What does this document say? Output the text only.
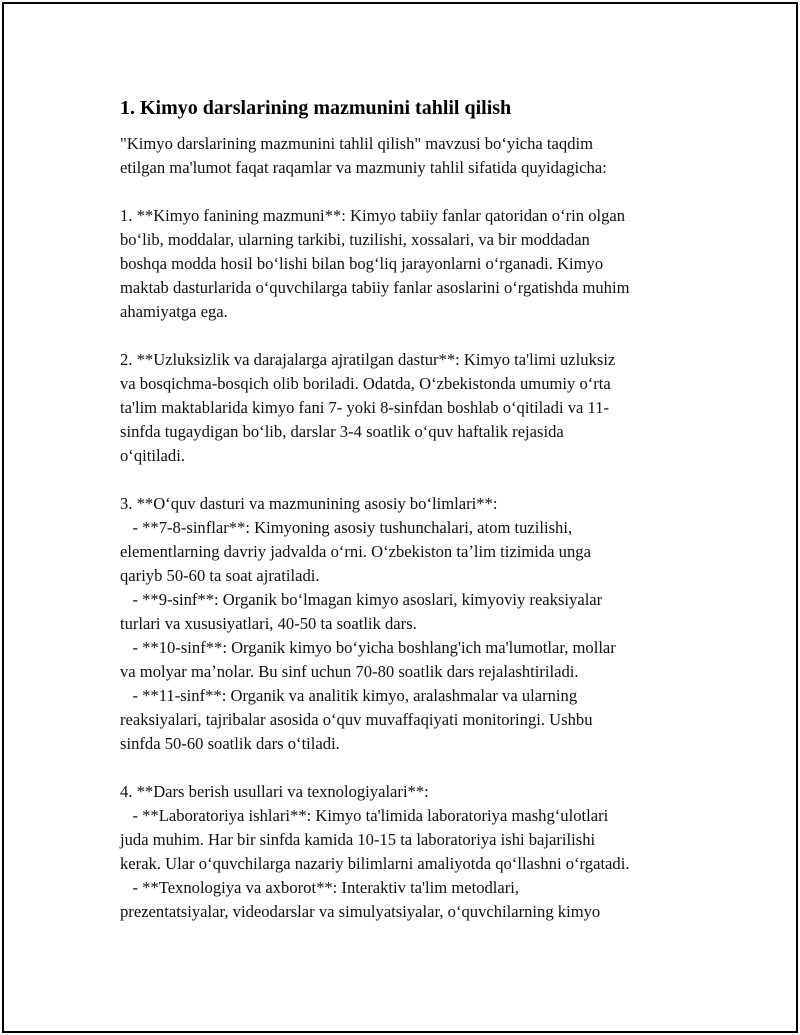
1. Kimyo darslarining mazmunini tahlil qilish

"Kimyo darslarining mazmunini tahlil qilish" mavzusi boʻyicha taqdim

etilgan ma'lumot faqat raqamlar va mazmuniy tahlil sifatida quyidagicha:

1. **Kimyo fanining mazmuni**: Kimyo tabiiy fanlar qatoridan oʻrin olgan

boʻlib, moddalar, ularning tarkibi, tuzilishi, xossalari, va bir moddadan

boshqa modda hosil boʻlishi bilan bogʻliq jarayonlarni oʻrganadi. Kimyo

maktab dasturlarida oʻquvchilarga tabiiy fanlar asoslarini oʻrgatishda muhim

ahamiyatga ega.

2. **Uzluksizlik va darajalarga ajratilgan dastur**: Kimyo ta'limi uzluksiz

va bosqichma-bosqich olib boriladi. Odatda, Oʻzbekistonda umumiy oʻrta

ta'lim maktablarida kimyo fani 7- yoki 8-sinfdan boshlab oʻqitiladi va 11-

sinfda tugaydigan boʻlib, darslar 3-4 soatlik oʻquv haftalik rejasida

oʻqitiladi.

3. **Oʻquv dasturi va mazmunining asosiy boʻlimlari**:

- **7-8-sinflar**: Kimyoning asosiy tushunchalari, atom tuzilishi,

elementlarning davriy jadvalda oʻrni. Oʻzbekiston taʼlim tizimida unga

qariyb 50-60 ta soat ajratiladi.

- **9-sinf**: Organik boʻlmagan kimyo asoslari, kimyoviy reaksiyalar

turlari va xususiyatlari, 40-50 ta soatlik dars.

- **10-sinf**: Organik kimyo boʻyicha boshlang'ich ma'lumotlar, mollar

va molyar maʼnolar. Bu sinf uchun 70-80 soatlik dars rejalashtiriladi.

- **11-sinf**: Organik va analitik kimyo, aralashmalar va ularning

reaksiyalari, tajribalar asosida oʻquv muvaffaqiyati monitoringi. Ushbu

sinfda 50-60 soatlik dars oʻtiladi.

4. **Dars berish usullari va texnologiyalari**:

- **Laboratoriya ishlari**: Kimyo ta'limida laboratoriya mashgʻulotlari

juda muhim. Har bir sinfda kamida 10-15 ta laboratoriya ishi bajarilishi

kerak. Ular oʻquvchilarga nazariy bilimlarni amaliyotda qoʻllashni oʻrgatadi.

- **Texnologiya va axborot**: Interaktiv ta'lim metodlari,

prezentatsiyalar, videodarslar va simulyatsiyalar, oʻquvchilarning kimyo
